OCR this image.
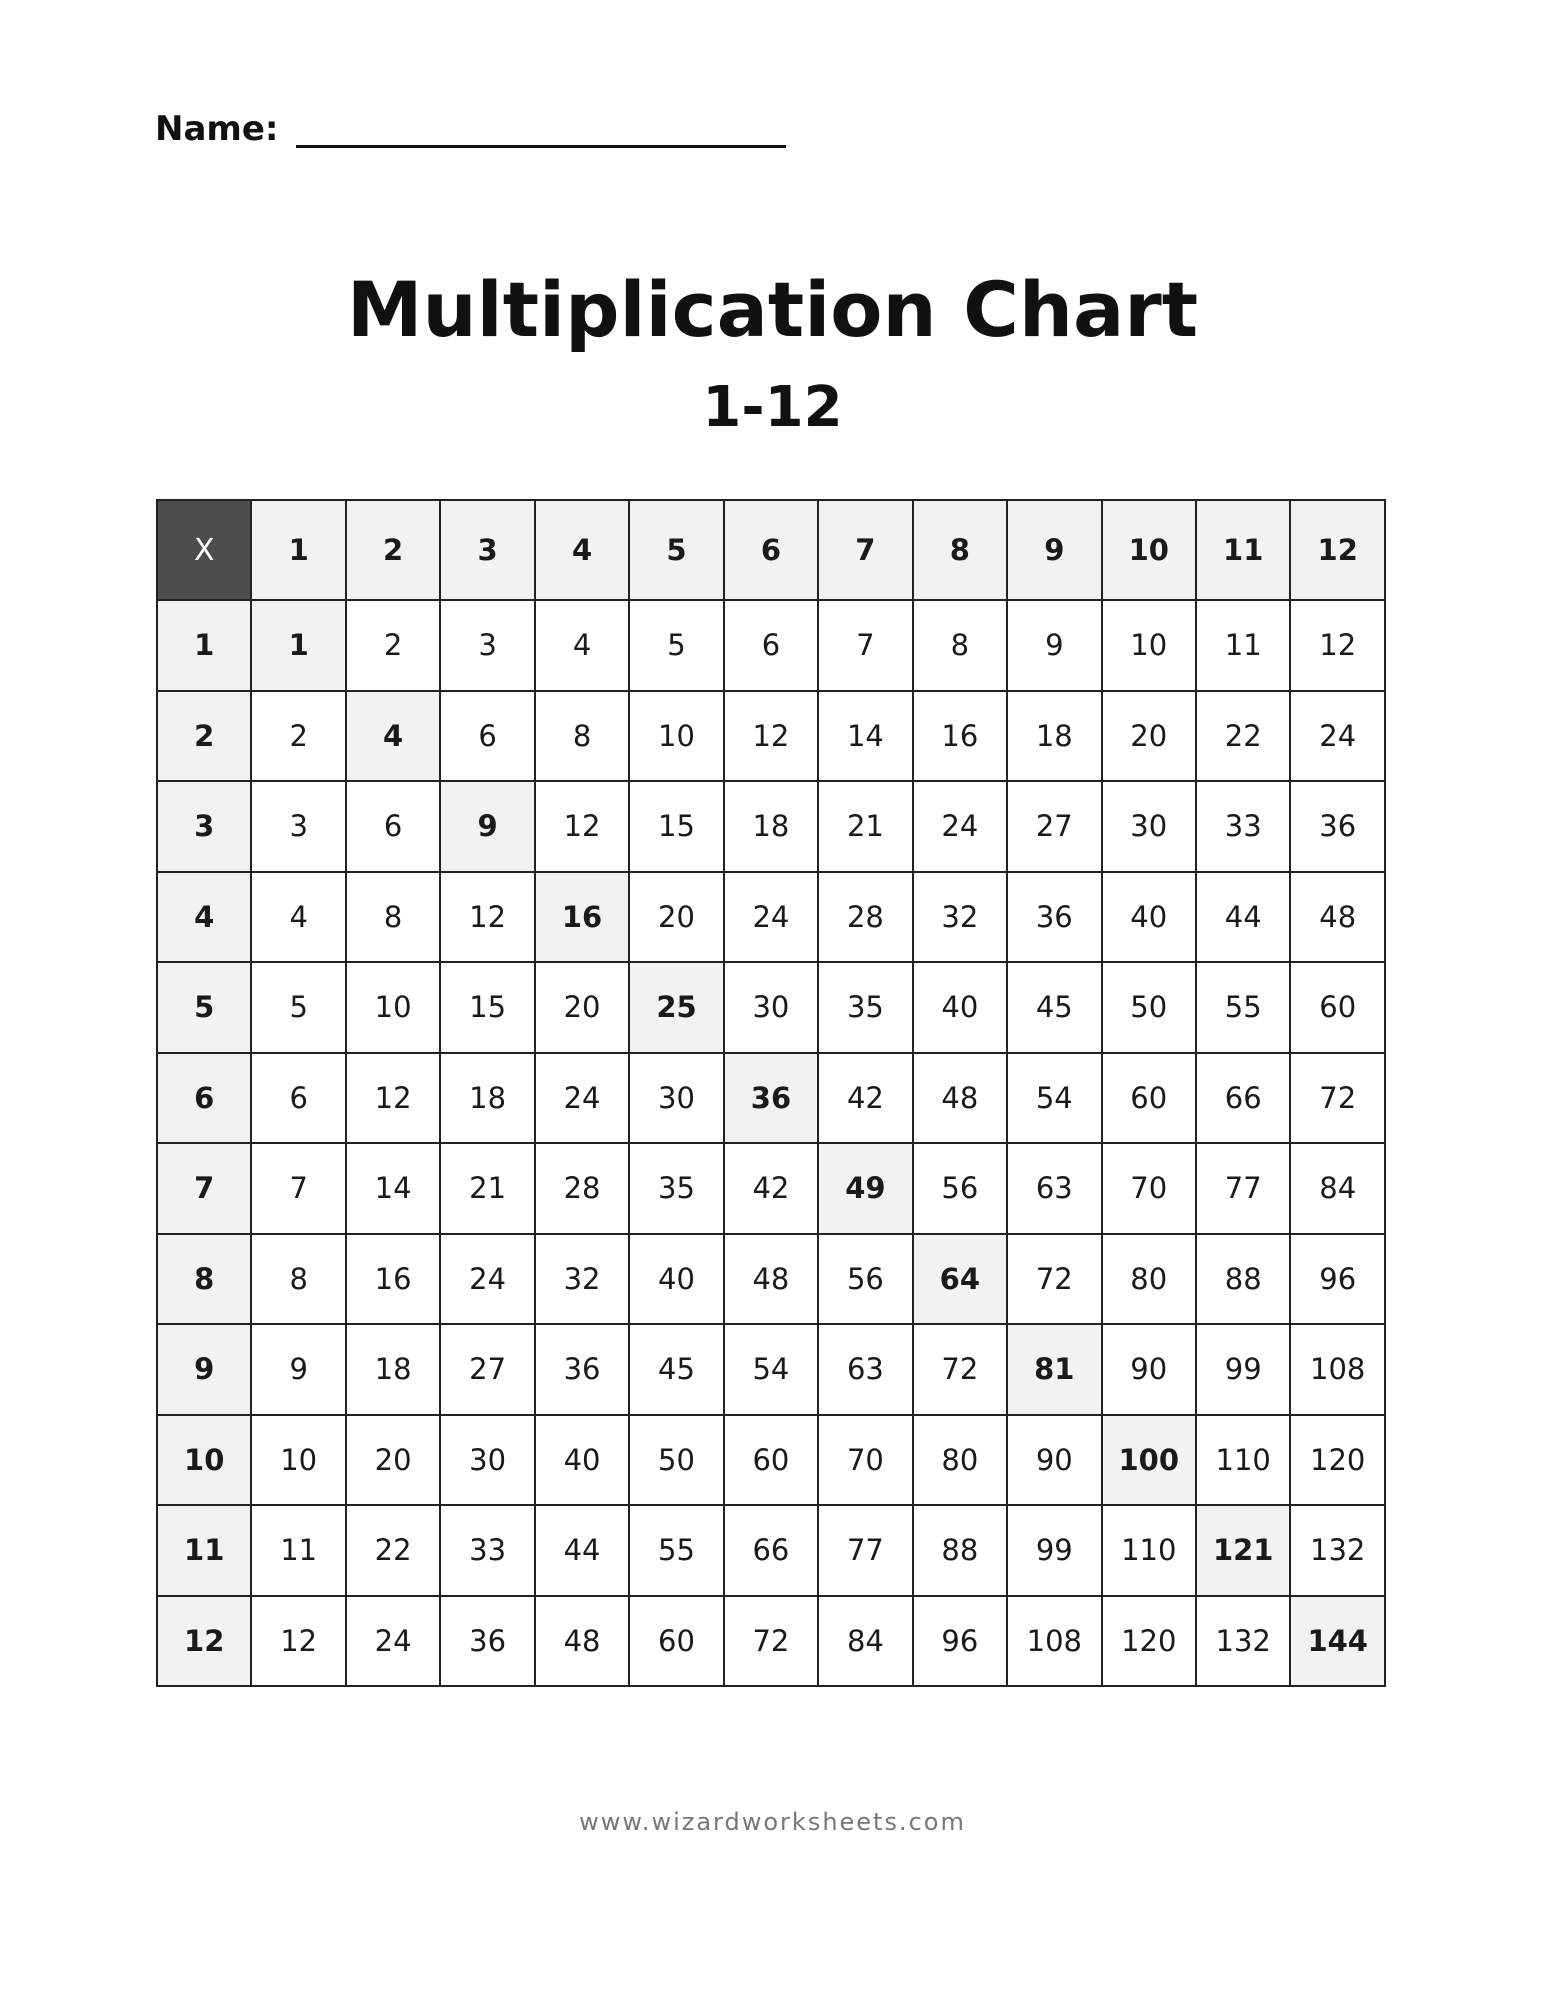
Name:
Multiplication Chart
1-12
X	1	2	3	4	5	6	7	8	9	10	11	12
1	1	2	3	4	5	6	7	8	9	10	11	12
2	2	4	6	8	10	12	14	16	18	20	22	24
3	3	6	9	12	15	18	21	24	27	30	33	36
4	4	8	12	16	20	24	28	32	36	40	44	48
5	5	10	15	20	25	30	35	40	45	50	55	60
6	6	12	18	24	30	36	42	48	54	60	66	72
7	7	14	21	28	35	42	49	56	63	70	77	84
8	8	16	24	32	40	48	56	64	72	80	88	96
9	9	18	27	36	45	54	63	72	81	90	99	108
10	10	20	30	40	50	60	70	80	90	100	110	120
11	11	22	33	44	55	66	77	88	99	110	121	132
12	12	24	36	48	60	72	84	96	108	120	132	144
www.wizardworksheets.com
